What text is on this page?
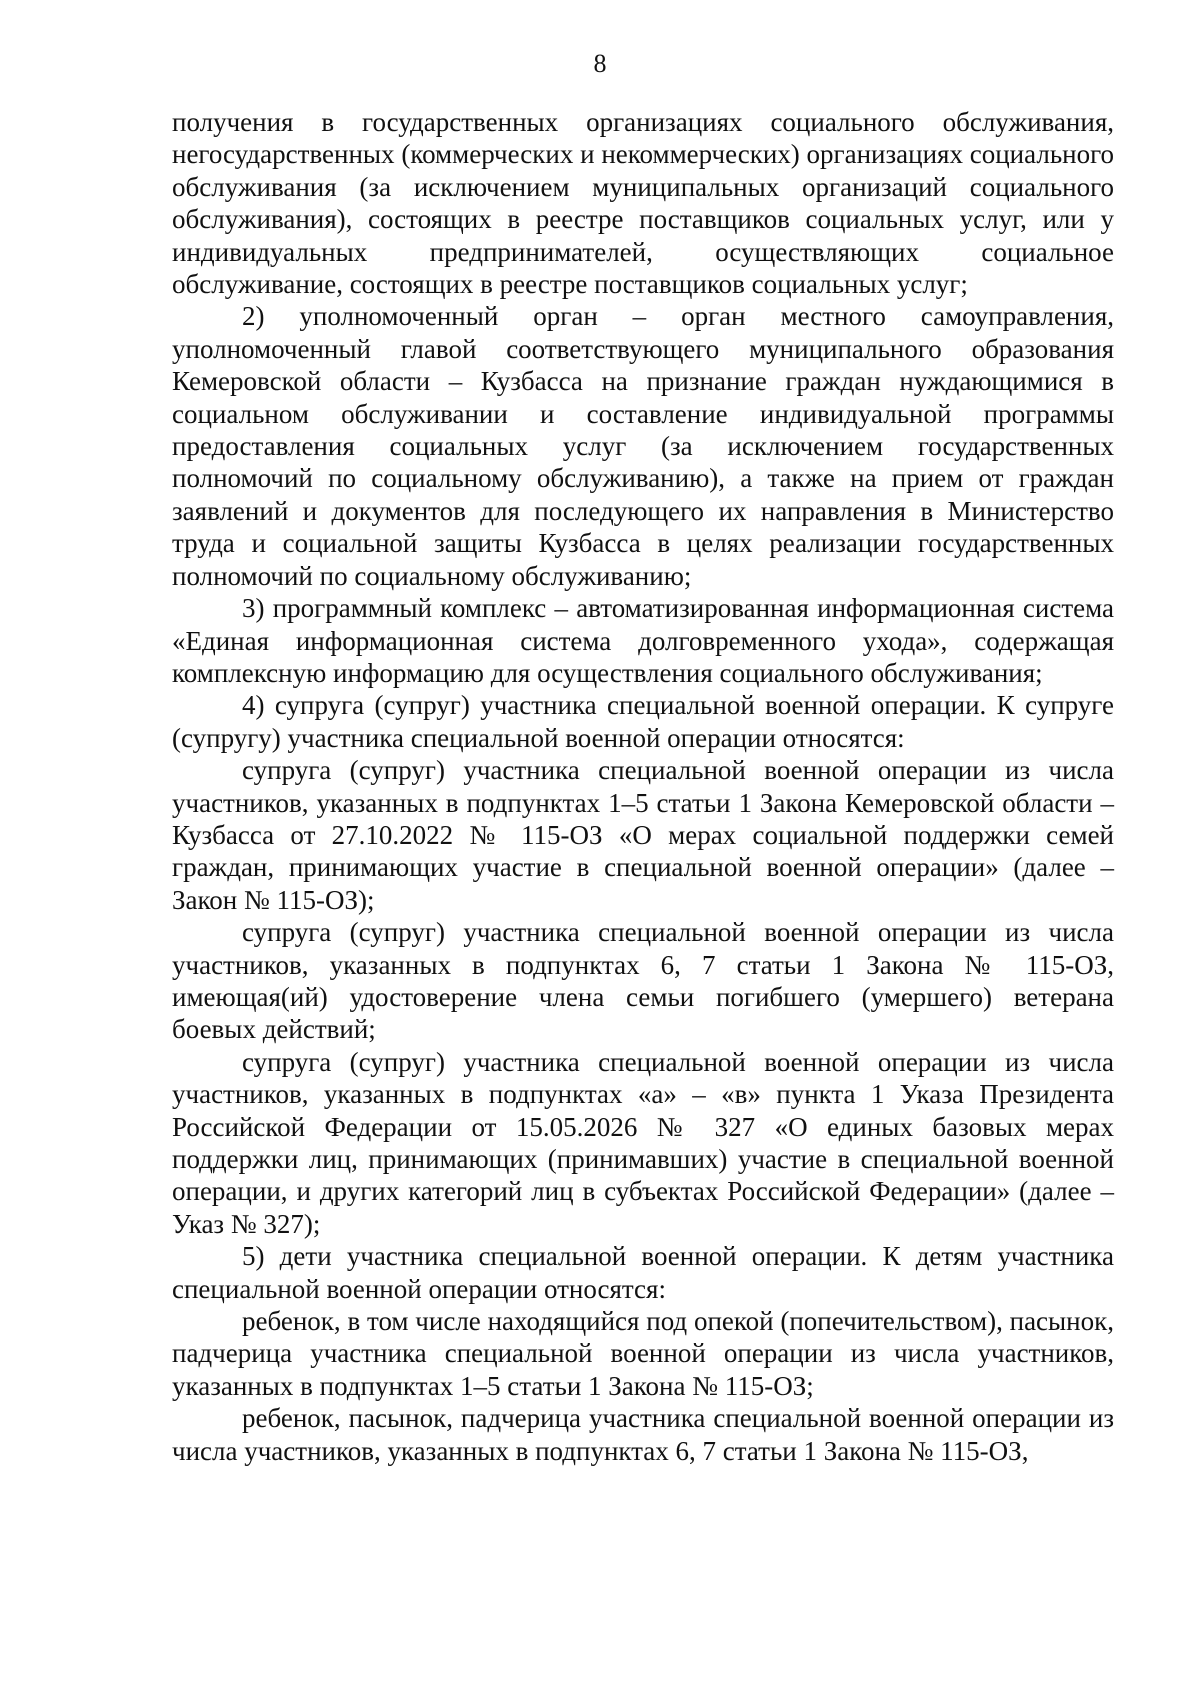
8

получения в государственных организациях социального обслуживания, негосударственных (коммерческих и некоммерческих) организациях социального обслуживания (за исключением муниципальных организаций социального обслуживания), состоящих в реестре поставщиков социальных услуг, или у индивидуальных предпринимателей, осуществляющих социальное обслуживание, состоящих в реестре поставщиков социальных услуг;

2) уполномоченный орган – орган местного самоуправления, уполномоченный главой соответствующего муниципального образования Кемеровской области – Кузбасса на признание граждан нуждающимися в социальном обслуживании и составление индивидуальной программы предоставления социальных услуг (за исключением государственных полномочий по социальному обслуживанию), а также на прием от граждан заявлений и документов для последующего их направления в Министерство труда и социальной защиты Кузбасса в целях реализации государственных полномочий по социальному обслуживанию;

3) программный комплекс – автоматизированная информационная система «Единая информационная система долговременного ухода», содержащая комплексную информацию для осуществления социального обслуживания;

4) супруга (супруг) участника специальной военной операции. К супруге (супругу) участника специальной военной операции относятся:

супруга (супруг) участника специальной военной операции из числа участников, указанных в подпунктах 1–5 статьи 1 Закона Кемеровской области – Кузбасса от 27.10.2022 № 115-ОЗ «О мерах социальной поддержки семей граждан, принимающих участие в специальной военной операции» (далее – Закон № 115-ОЗ);

супруга (супруг) участника специальной военной операции из числа участников, указанных в подпунктах 6, 7 статьи 1 Закона № 115-ОЗ, имеющая(ий) удостоверение члена семьи погибшего (умершего) ветерана боевых действий;

супруга (супруг) участника специальной военной операции из числа участников, указанных в подпунктах «а» – «в» пункта 1 Указа Президента Российской Федерации от 15.05.2026 № 327 «О единых базовых мерах поддержки лиц, принимающих (принимавших) участие в специальной военной операции, и других категорий лиц в субъектах Российской Федерации» (далее – Указ № 327);

5) дети участника специальной военной операции. К детям участника специальной военной операции относятся:

ребенок, в том числе находящийся под опекой (попечительством), пасынок, падчерица участника специальной военной операции из числа участников, указанных в подпунктах 1–5 статьи 1 Закона № 115-ОЗ;

ребенок, пасынок, падчерица участника специальной военной операции из числа участников, указанных в подпунктах 6, 7 статьи 1 Закона № 115-ОЗ,
